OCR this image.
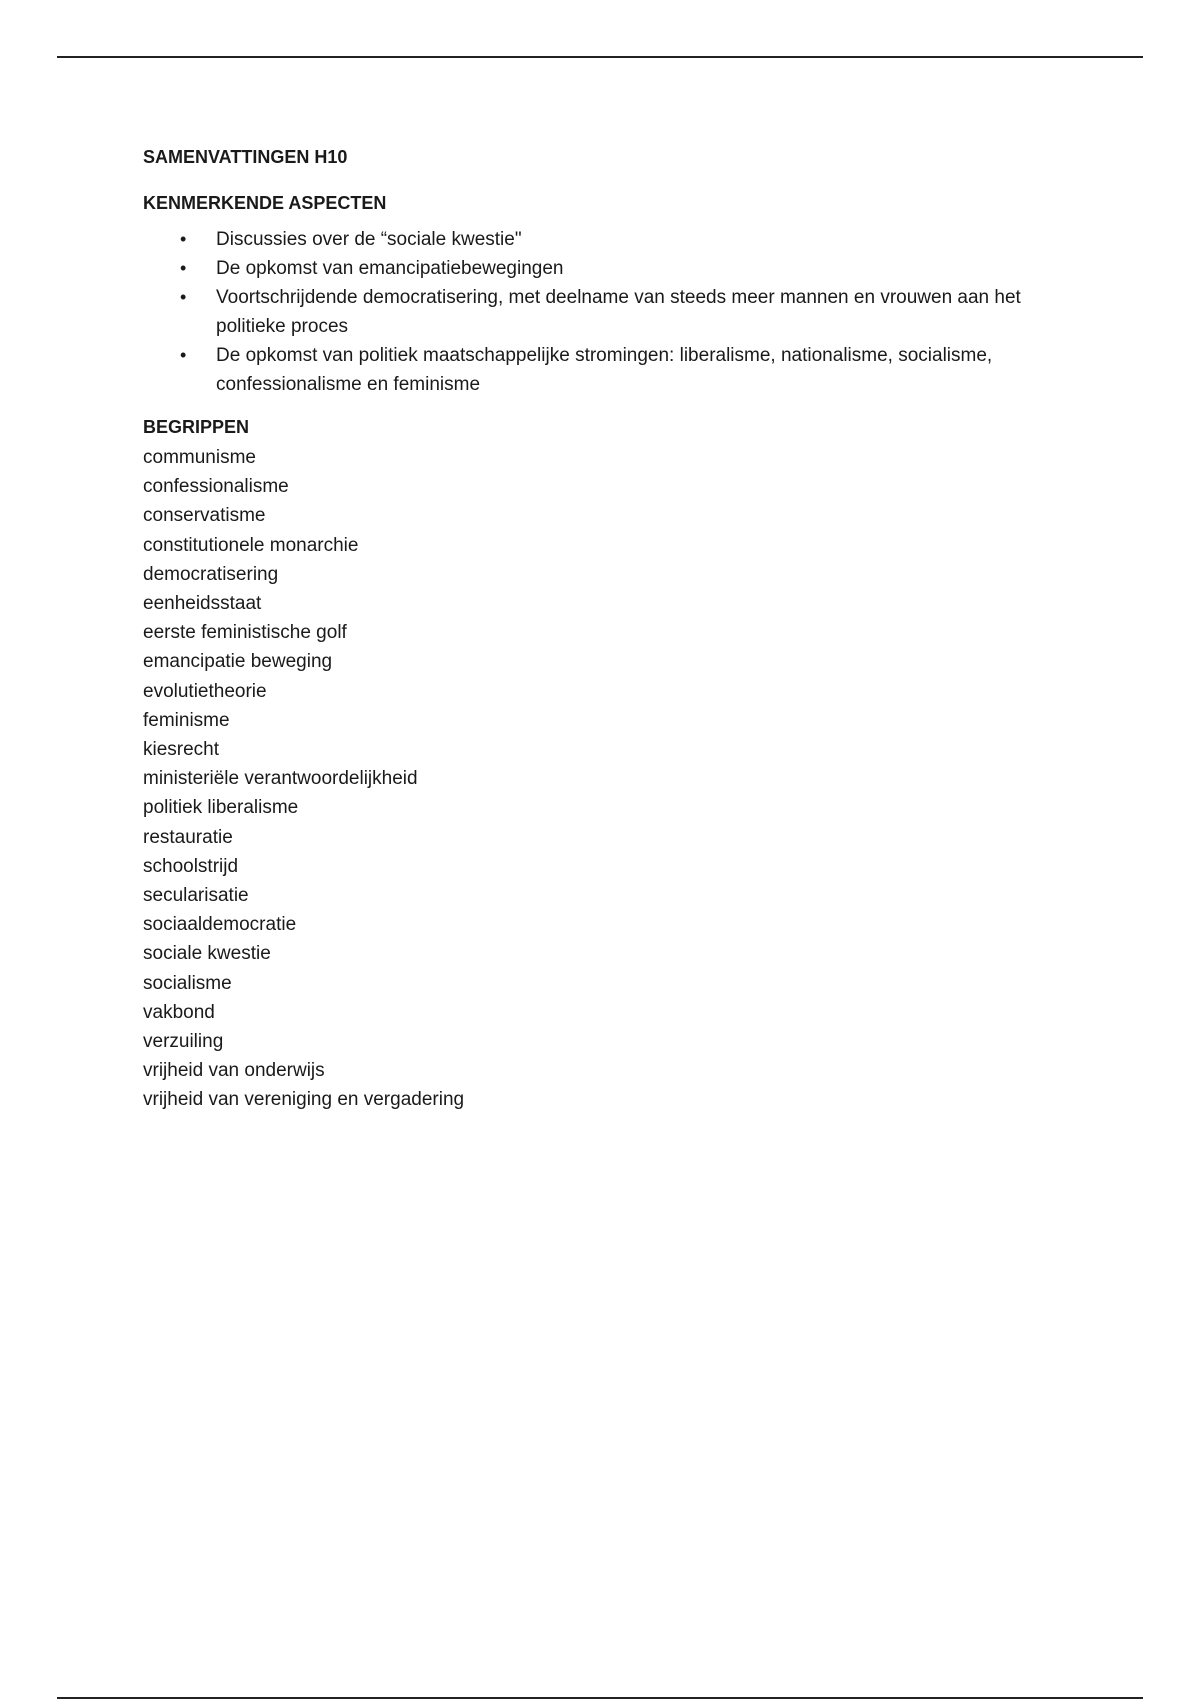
SAMENVATTINGEN H10

KENMERKENDE ASPECTEN

• Discussies over de “sociale kwestie"
• De opkomst van emancipatiebewegingen
• Voortschrijdende democratisering, met deelname van steeds meer mannen en vrouwen aan het politieke proces
• De opkomst van politiek maatschappelijke stromingen: liberalisme, nationalisme, socialisme, confessionalisme en feminisme

BEGRIPPEN

communisme
confessionalisme
conservatisme
constitutionele monarchie
democratisering
eenheidsstaat
eerste feministische golf
emancipatie beweging
evolutietheorie
feminisme
kiesrecht
ministeriële verantwoordelijkheid
politiek liberalisme
restauratie
schoolstrijd
secularisatie
sociaaldemocratie
sociale kwestie
socialisme
vakbond
verzuiling
vrijheid van onderwijs
vrijheid van vereniging en vergadering
